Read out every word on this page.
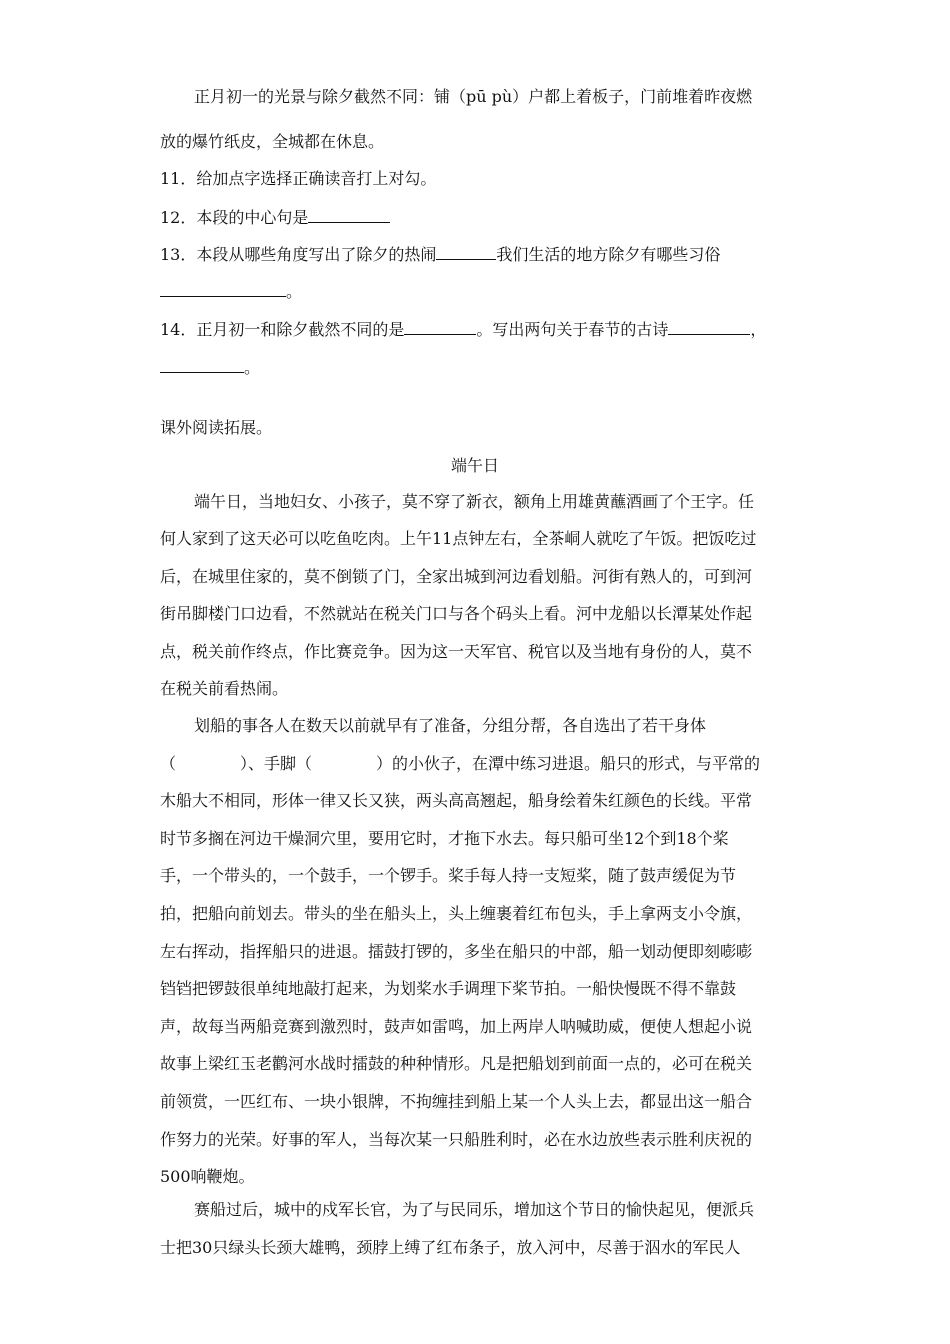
正月初一的光景与除夕截然不同：铺（pū pù）户都上着板子，门前堆着昨夜燃
放的爆竹纸皮，全城都在休息。
11．给加点字选择正确读音打上对勾。
12．本段的中心句是
13．本段从哪些角度写出了除夕的热闹	我们生活的地方除夕有哪些习俗
。
14．正月初一和除夕截然不同的是	。写出两句关于春节的古诗	，
。
课外阅读拓展。
端午日
端午日，当地妇女、小孩子，莫不穿了新衣，额角上用雄黄蘸酒画了个王字。任
何人家到了这天必可以吃鱼吃肉。上午11点钟左右，全茶峒人就吃了午饭。把饭吃过
后，在城里住家的，莫不倒锁了门，全家出城到河边看划船。河街有熟人的，可到河
街吊脚楼门口边看，不然就站在税关门口与各个码头上看。河中龙船以长潭某处作起
点，税关前作终点，作比赛竞争。因为这一天军官、税官以及当地有身份的人，莫不
在税关前看热闹。
划船的事各人在数天以前就早有了准备，分组分帮，各自选出了若干身体
（　　　　）、手脚（　　　　）的小伙子，在潭中练习进退。船只的形式，与平常的
木船大不相同，形体一律又长又狭，两头高高翘起，船身绘着朱红颜色的长线。平常
时节多搁在河边干燥洞穴里，要用它时，才拖下水去。每只船可坐12个到18个桨
手，一个带头的，一个鼓手，一个锣手。桨手每人持一支短桨，随了鼓声缓促为节
拍，把船向前划去。带头的坐在船头上，头上缠裹着红布包头，手上拿两支小令旗，
左右挥动，指挥船只的进退。擂鼓打锣的，多坐在船只的中部，船一划动便即刻嘭嘭
铛铛把锣鼓很单纯地敲打起来，为划桨水手调理下桨节拍。一船快慢既不得不靠鼓
声，故每当两船竞赛到激烈时，鼓声如雷鸣，加上两岸人呐喊助威，便使人想起小说
故事上梁红玉老鹳河水战时擂鼓的种种情形。凡是把船划到前面一点的，必可在税关
前领赏，一匹红布、一块小银牌，不拘缠挂到船上某一个人头上去，都显出这一船合
作努力的光荣。好事的军人，当每次某一只船胜利时，必在水边放些表示胜利庆祝的
500响鞭炮。
赛船过后，城中的戍军长官，为了与民同乐，增加这个节日的愉快起见，便派兵
士把30只绿头长颈大雄鸭，颈脖上缚了红布条子，放入河中，尽善于泅水的军民人
